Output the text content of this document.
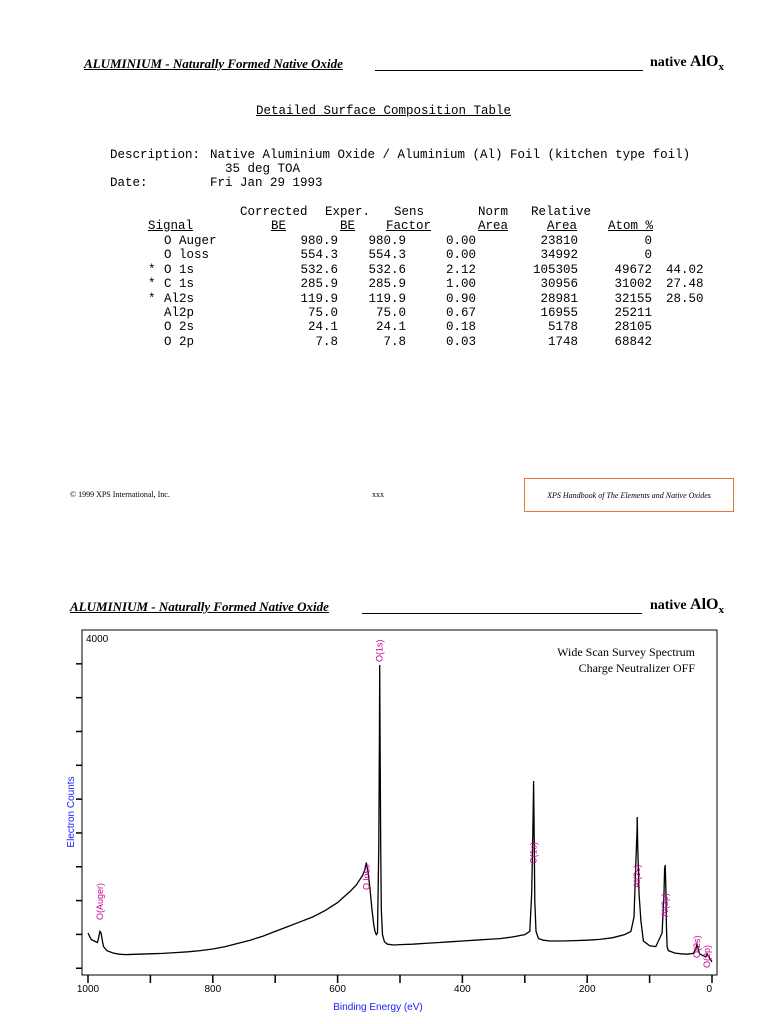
ALUMINIUM - Naturally Formed Native Oxide	native AlO$_x$
Detailed Surface Composition Table
Description: Native Aluminium Oxide / Aluminium (Al) Foil (kitchen type foil)
35 deg TOA
Date:	Fri Jan 29 1993
Corrected Exper. Sens	Norm Relative
Signal	BE	BE Factor	Area	Area Atom %
	O Auger	980.9	980.9	0.00	23810	0	
	O loss	554.3	554.3	0.00	34992	0	
*	O 1s	532.6	532.6	2.12	105305	49672	44.02
*	C 1s	285.9	285.9	1.00	30956	31002	27.48
*	Al2s	119.9	119.9	0.90	28981	32155	28.50
	Al2p	75.0	75.0	0.67	16955	25211	
	O 2s	24.1	24.1	0.18	5178	28105	
	O 2p	7.8	7.8	0.03	1748	68842	
© 1999 XPS International, Inc.	xxx	XPS Handbook of The Elements and Native Oxides
ALUMINIUM - Naturally Formed Native Oxide	native AlO$_x$
4000
Wide Scan Survey Spectrum
Charge Neutralizer OFF
O(Auger)
O loss
O(1s)
C(1s)
Al(2s)
Al(2p)
O(2s) O(2p)
1000	800	600	400	200	0
Binding Energy (eV)
Electron Counts
